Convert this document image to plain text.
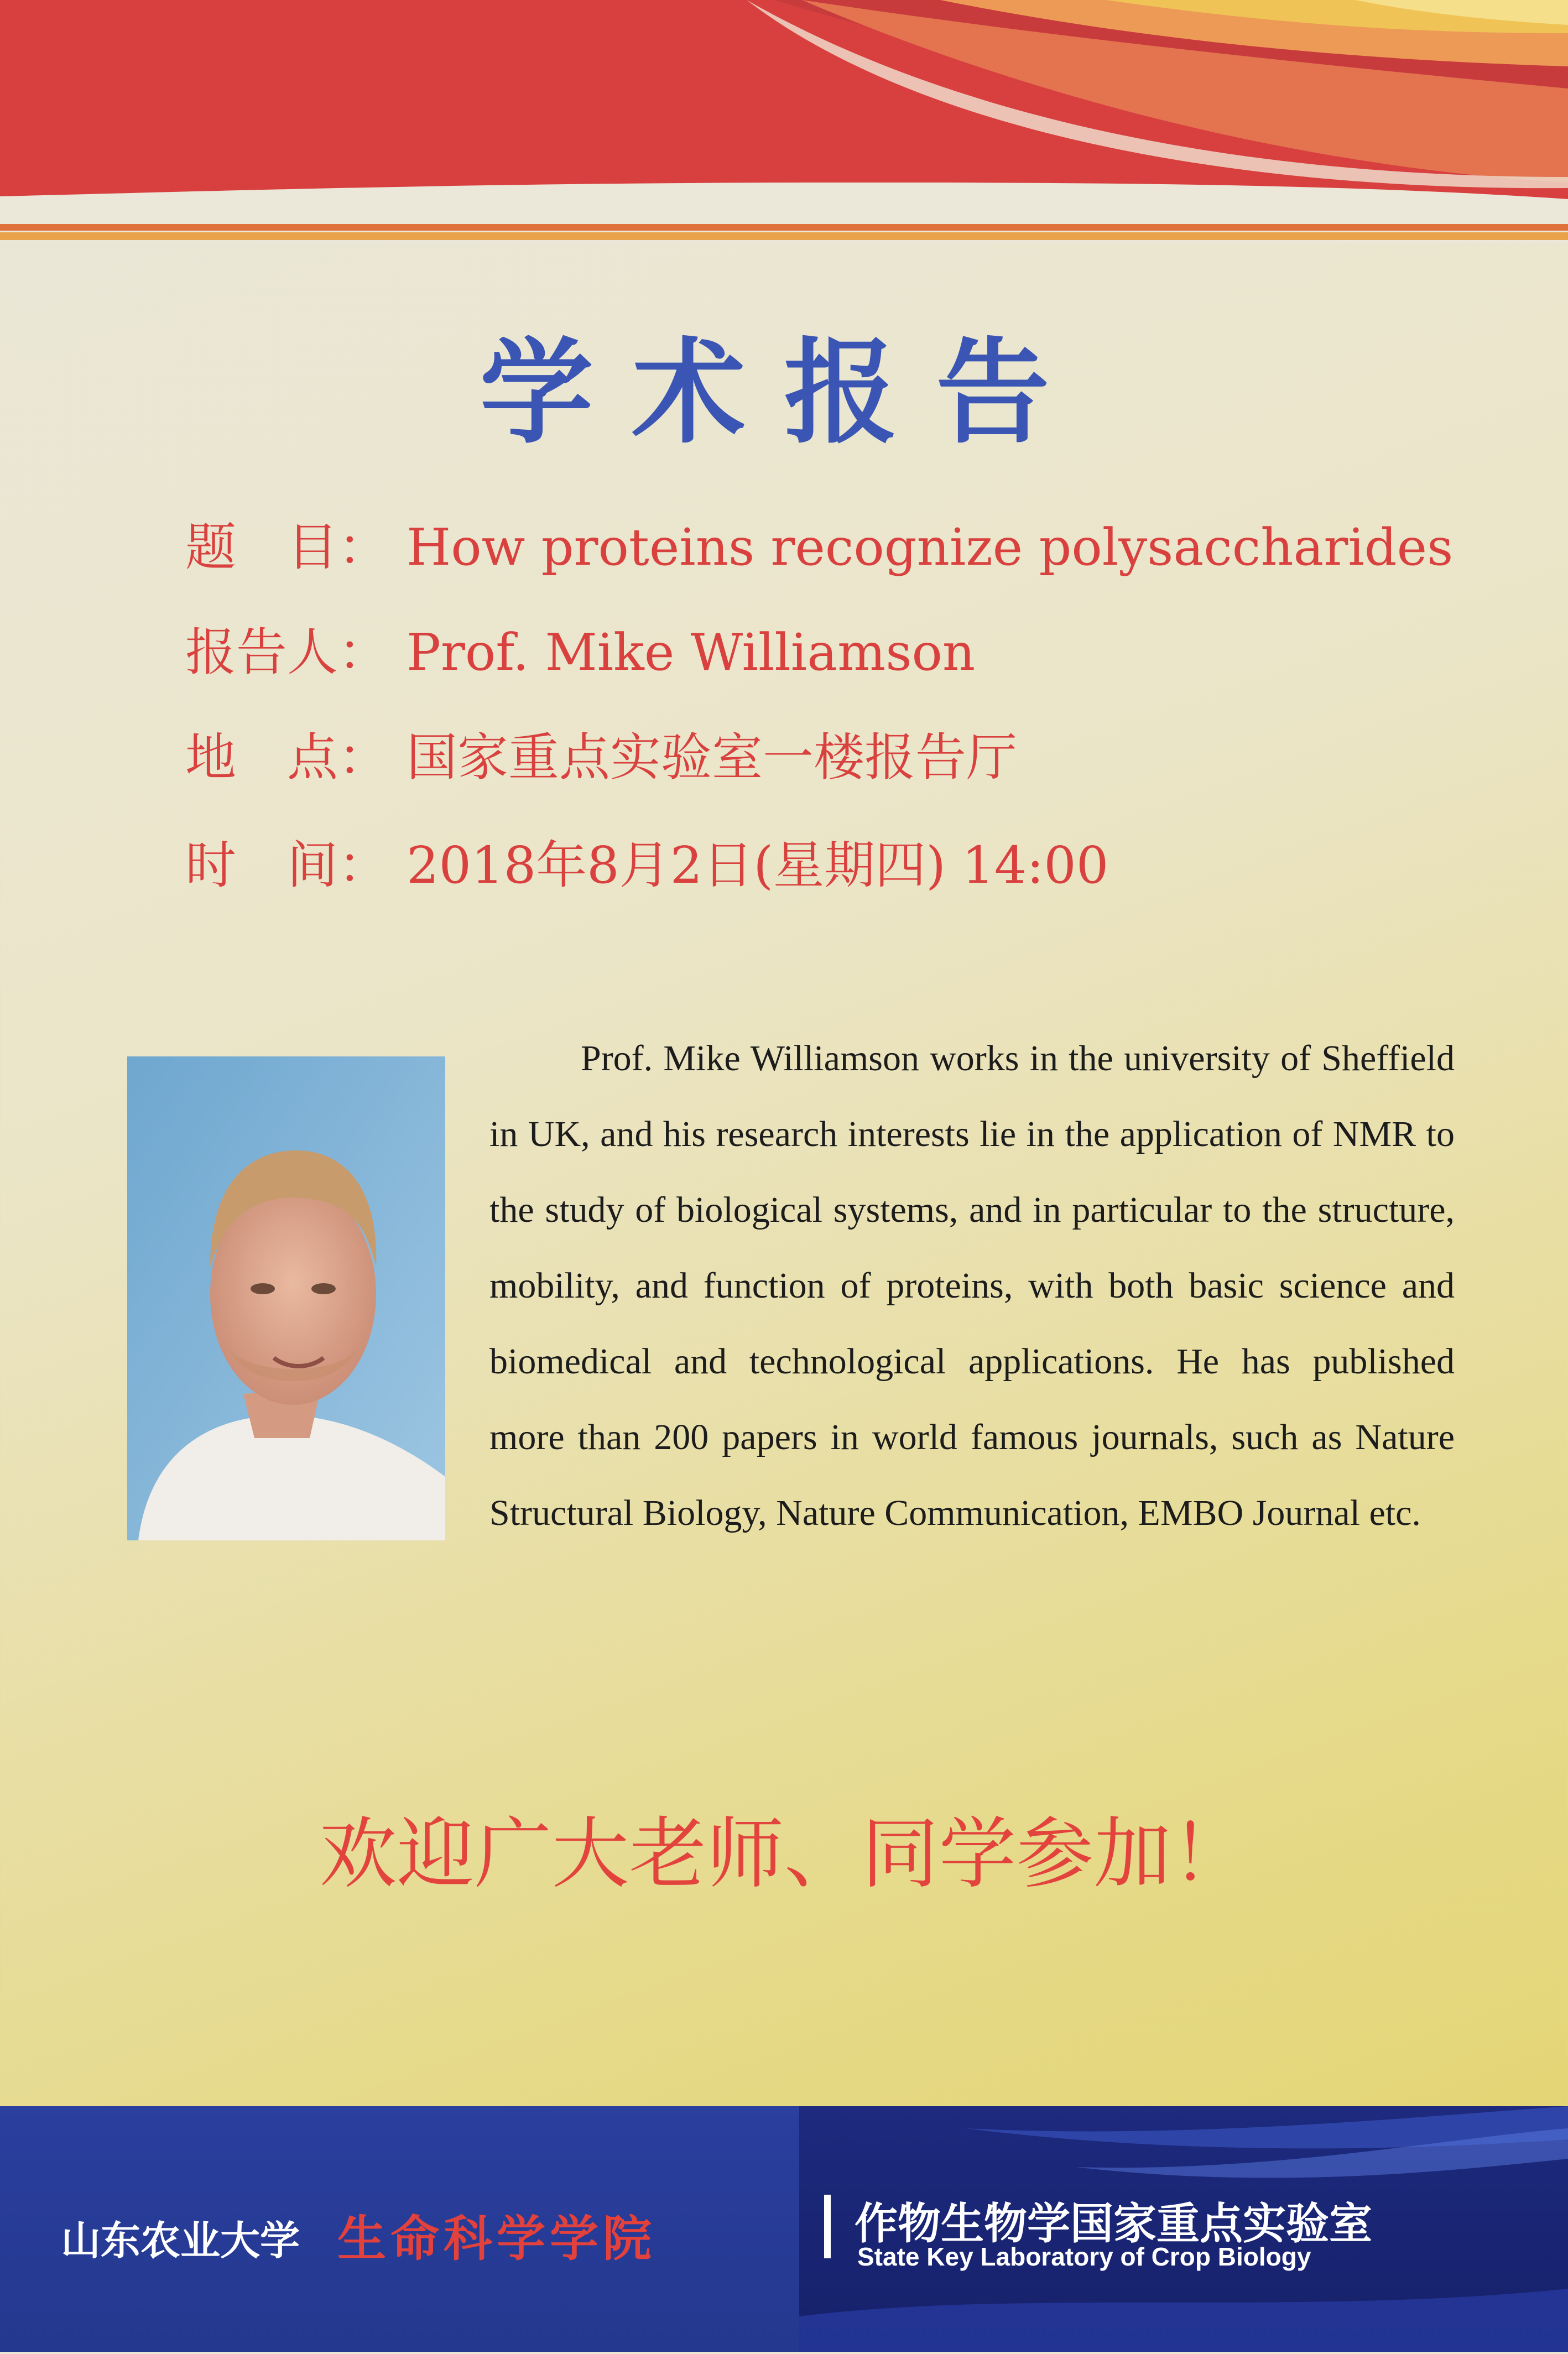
学术报告
题　目： How proteins recognize polysaccharides
报告人： Prof. Mike Williamson
地　点： 国家重点实验室一楼报告厅
时　间： 2018年8月2日(星期四) 14:00
Prof. Mike Williamson works in the university of Sheffield in UK, and his research interests lie in the application of NMR to the study of biological systems, and in particular to the structure, mobility, and function of proteins, with both basic science and biomedical and technological applications. He has published more than 200 papers in world famous journals, such as Nature Structural Biology, Nature Communication, EMBO Journal etc.
欢迎广大老师、同学参加！
山东农业大学 生命科学学院	作物生物学国家重点实验室
State Key Laboratory of Crop Biology
